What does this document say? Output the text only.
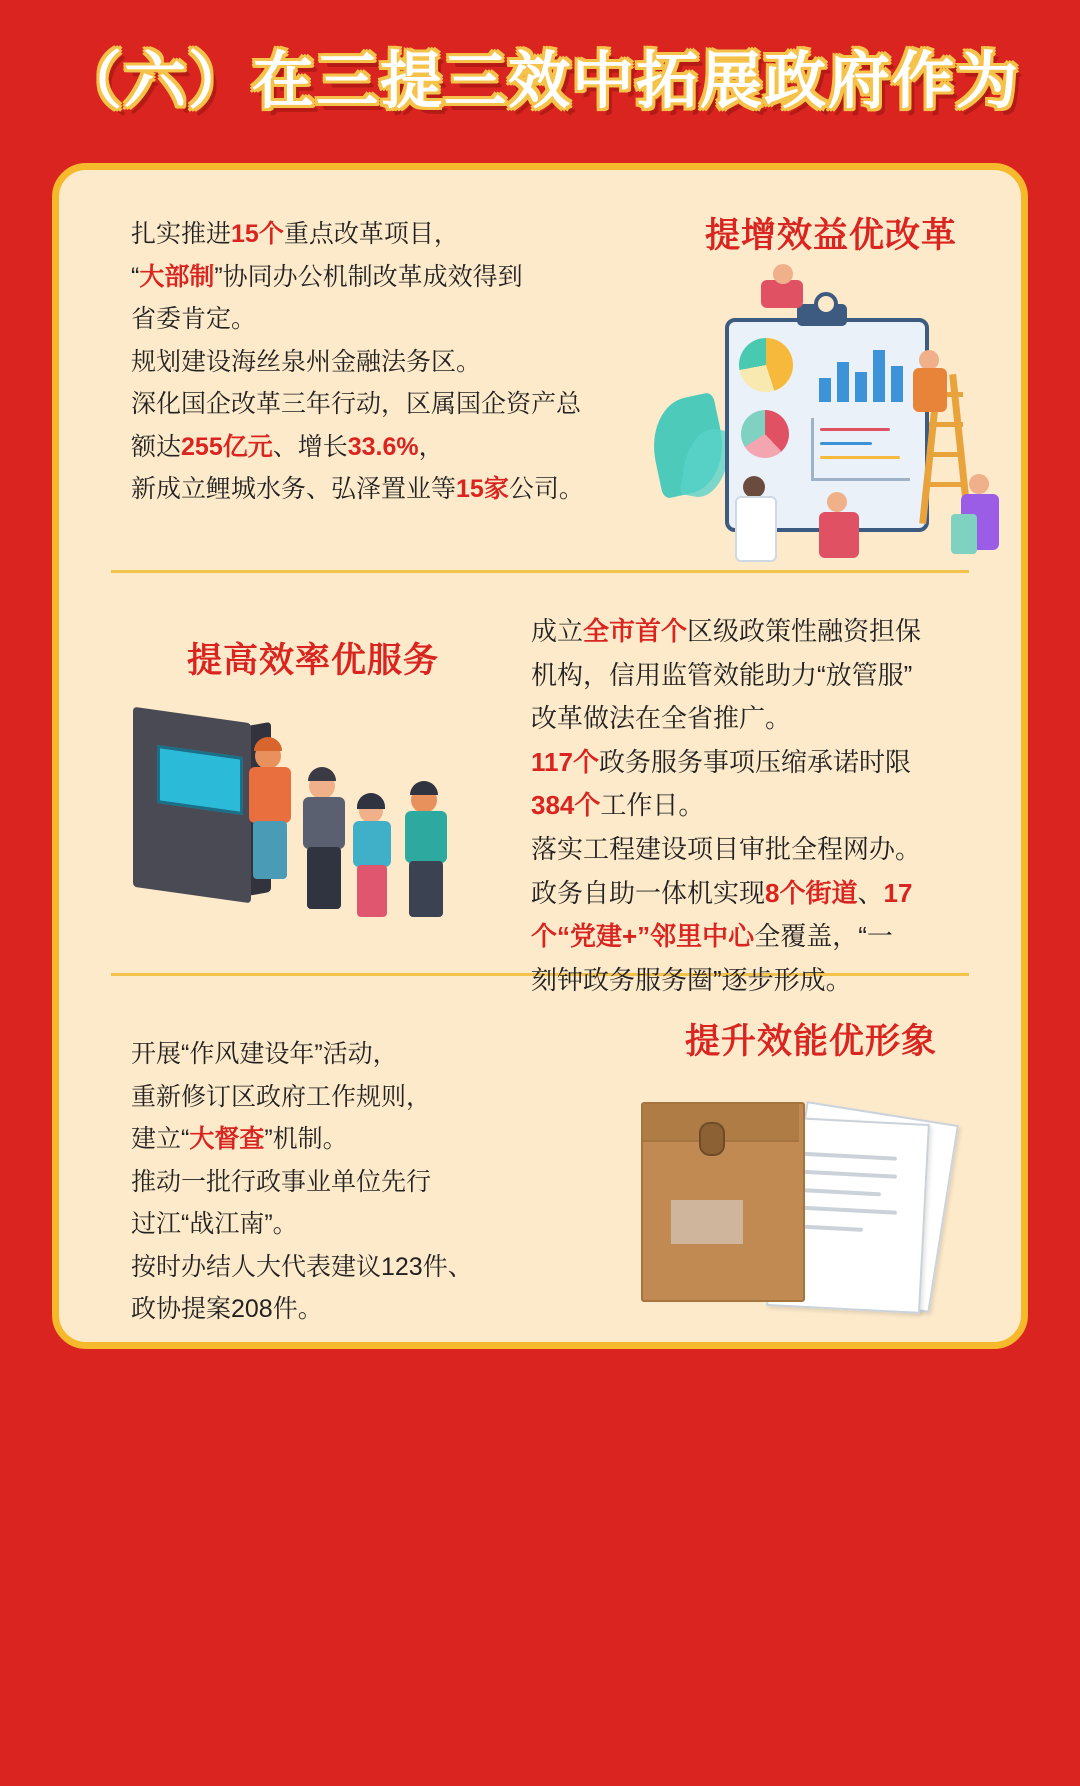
（六）在三提三效中拓展政府作为

扎实推进15个重点改革项目，

“大部制”协同办公机制改革成效得到

省委肯定。

规划建设海丝泉州金融法务区。

深化国企改革三年行动，区属国企资产总

额达255亿元、增长33.6%，

新成立鲤城水务、弘泽置业等15家公司。

提增效益优改革
提高效率优服务

成立全市首个区级政策性融资担保

机构，信用监管效能助力“放管服”

改革做法在全省推广。

117个政务服务事项压缩承诺时限

384个工作日。

落实工程建设项目审批全程网办。

政务自助一体机实现8个街道、17

个“党建+”邻里中心全覆盖，“一

刻钟政务服务圈”逐步形成。

开展“作风建设年”活动，

重新修订区政府工作规则，

建立“大督查”机制。

推动一批行政事业单位先行

过江“战江南”。

按时办结人大代表建议123件、

政协提案208件。

提升效能优形象
